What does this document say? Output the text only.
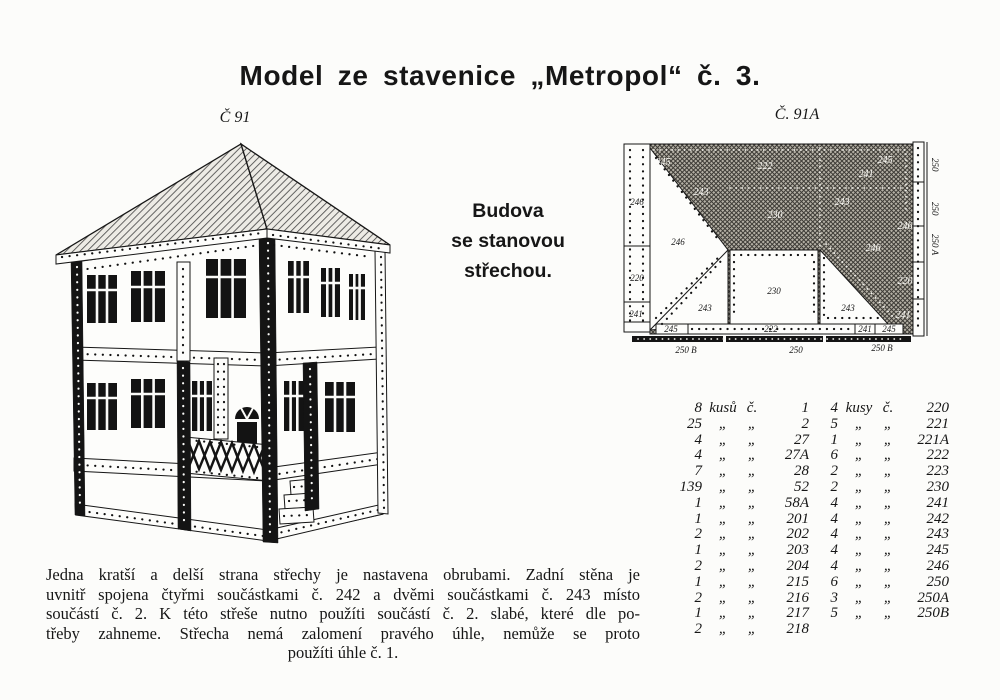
Model ze stavenice „Metropol“ č. 3.
Č 91	Č. 91A
245	222
245
241
243
230
243
246
246
220
241
246
220
241
246
243
230
243
245	222	241 245
250
250
250 A
250 B	250	250 B
Budova
se stanovou
střechou.
8 kusů č.	1
25	„	„	2
4	„	„	27
4	„	„	27A
7	„	„	28
139	„	„	52
1	„	„	58A
1	„	„	201
2	„	„	202
1	„	„	203
2	„	„	204
1	„	„	215
2	„	„	216
1	„	„	217
2	„	„	218
4 kusy č.	220
5	„	„	221
1	„	„	221A
6	„	„	222
2	„	„	223
2	„	„	230
4	„	„	241
4	„	„	242
4	„	„	243
4	„	„	245
4	„	„	246
6	„	„	250
3	„	„	250A
5	„	„	250B
Jedna kratší a delší strana střechy je nastavena obrubami. Zadní stěna je
uvnitř spojena čtyřmi součástkami č. 242 a dvěmi součástkami č. 243 místo
součástí č. 2. K této střeše nutno použíti součástí č. 2. slabé, které dle po-
třeby zahneme. Střecha nemá zalomení pravého úhle, nemůže se proto
použíti úhle č. 1.
